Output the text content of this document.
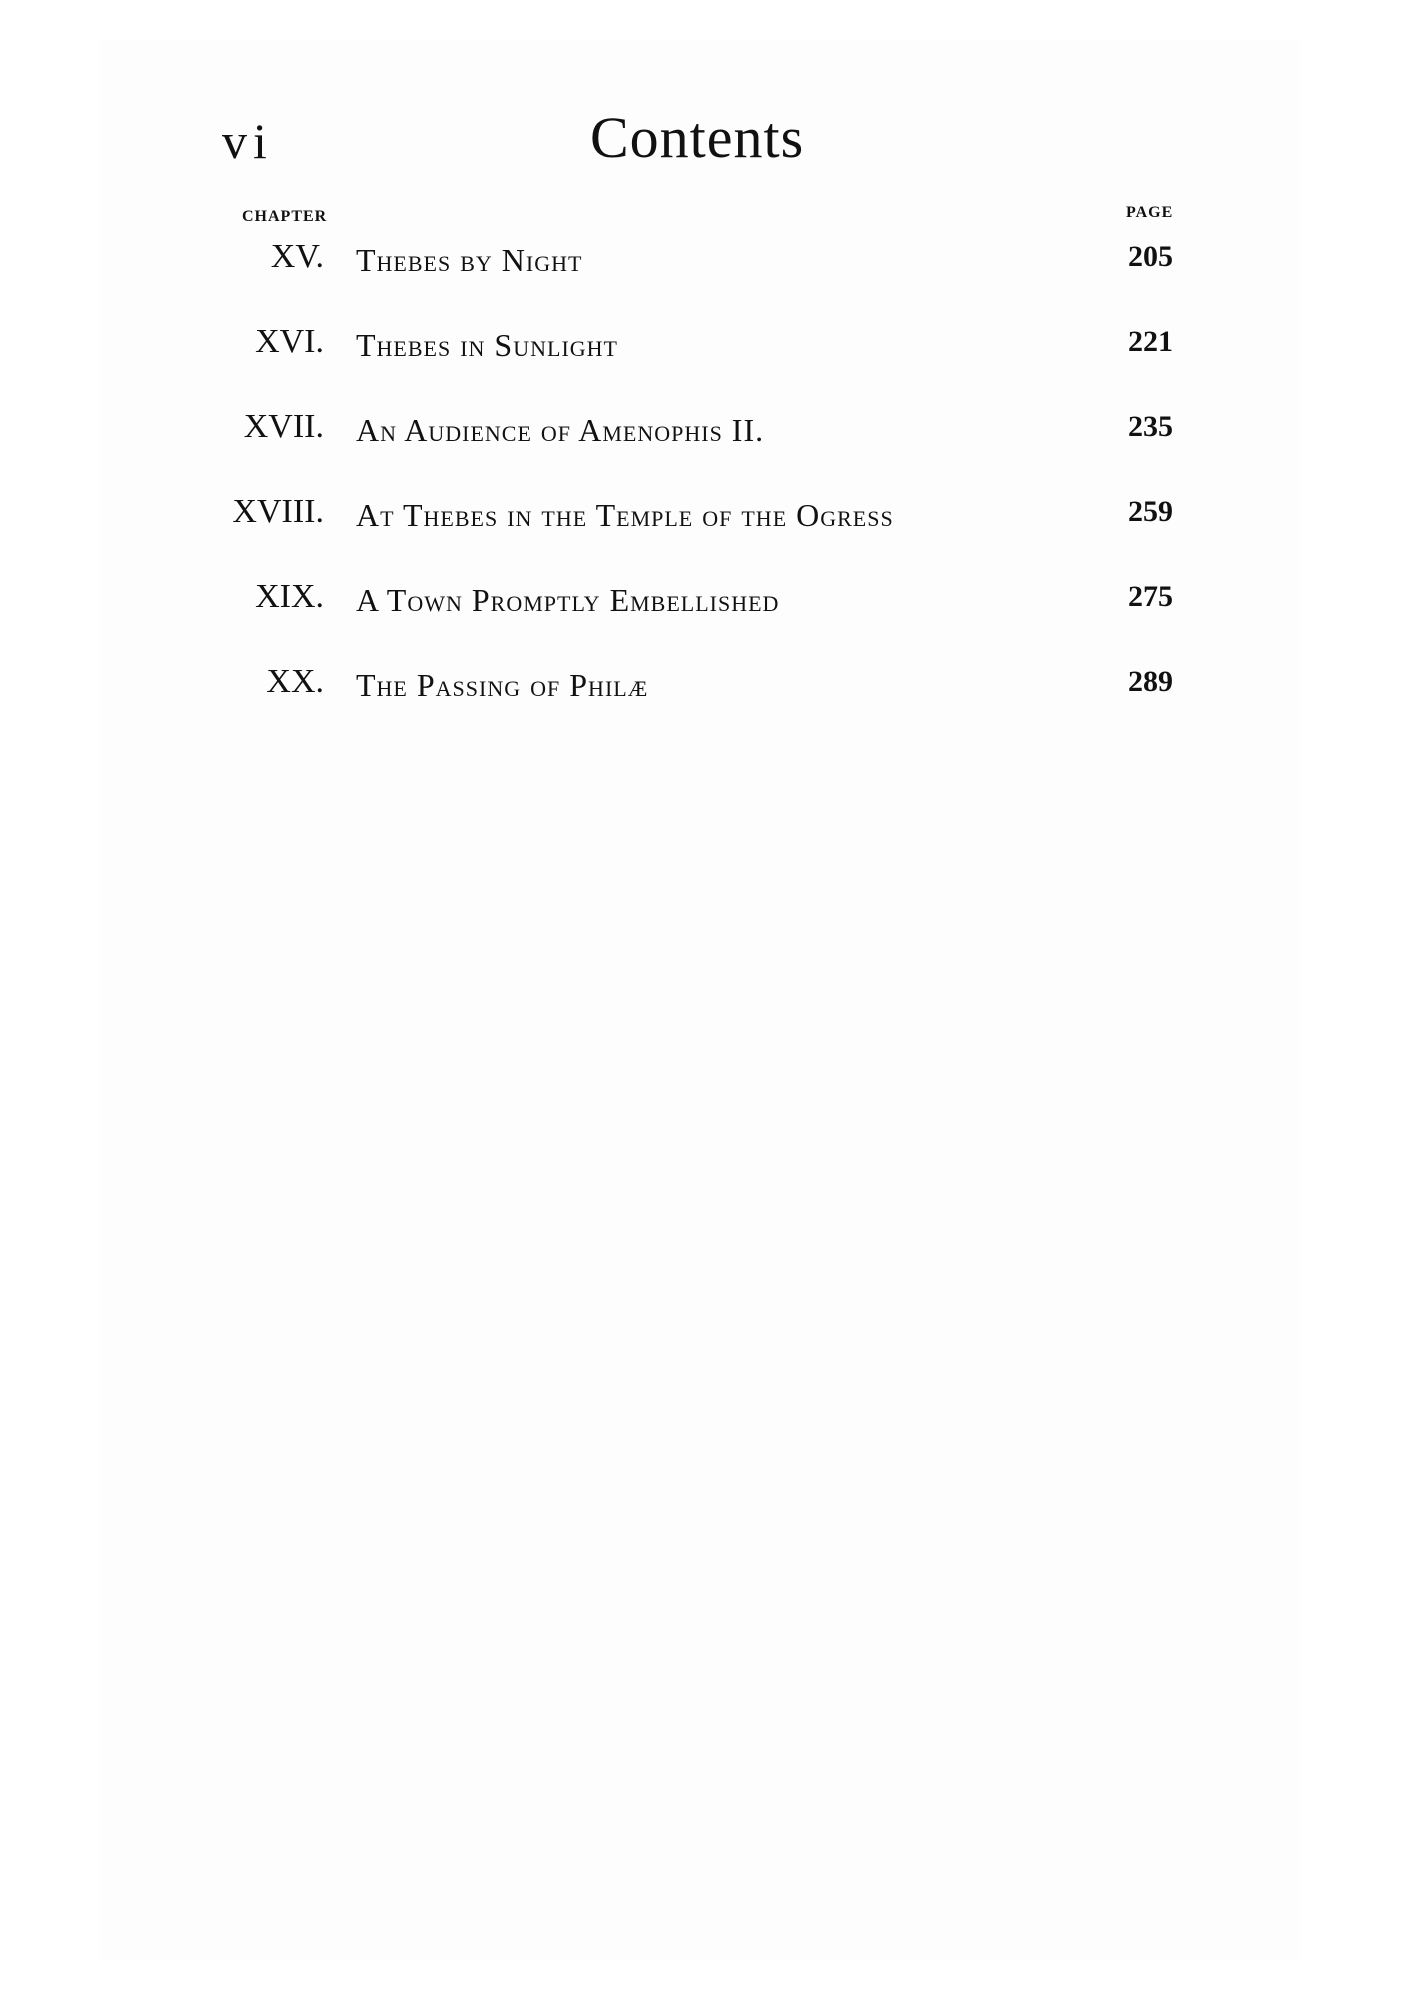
vi	Contents
CHAPTER	PAGE
XV. Thebes by Night	205
XVI. Thebes in Sunlight	221
XVII. An Audience of Amenophis II.	235
XVIII. At Thebes in the Temple of the Ogress	259
XIX. A Town Promptly Embellished	275
XX. The Passing of Philæ	289
